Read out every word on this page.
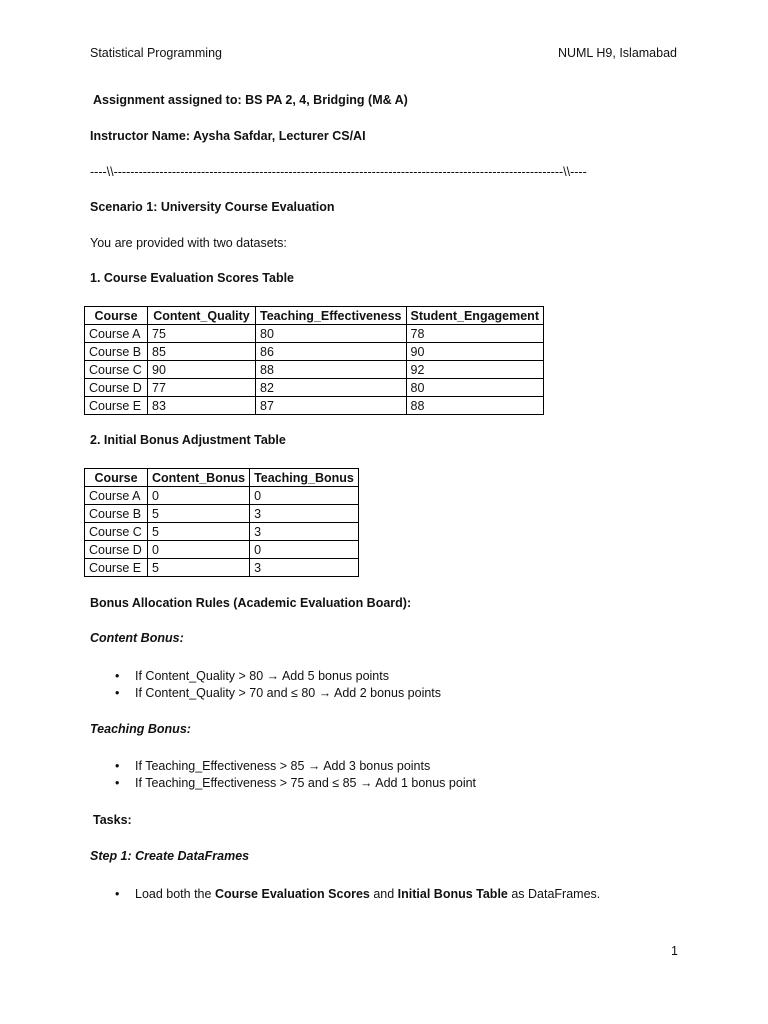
Statistical Programming	NUML H9, Islamabad
Assignment assigned to: BS PA 2, 4, Bridging (M& A)
Instructor Name: Aysha Safdar, Lecturer CS/AI
----\\------------------------------------------------------------------------------------------------------------\\----
Scenario 1: University Course Evaluation
You are provided with two datasets:
1. Course Evaluation Scores Table
Course	Content_Quality	Teaching_Effectiveness	Student_Engagement
Course A	75	80	78
Course B	85	86	90
Course C	90	88	92
Course D	77	82	80
Course E	83	87	88
2. Initial Bonus Adjustment Table
Course	Content_Bonus	Teaching_Bonus
Course A	0	0
Course B	5	3
Course C	5	3
Course D	0	0
Course E	5	3
Bonus Allocation Rules (Academic Evaluation Board):
Content Bonus:
• If Content_Quality > 80 → Add 5 bonus points
• If Content_Quality > 70 and ≤ 80 → Add 2 bonus points
Teaching Bonus:
• If Teaching_Effectiveness > 85 → Add 3 bonus points
• If Teaching_Effectiveness > 75 and ≤ 85 → Add 1 bonus point
Tasks:
Step 1: Create DataFrames
• Load both the Course Evaluation Scores and Initial Bonus Table as DataFrames.
1
